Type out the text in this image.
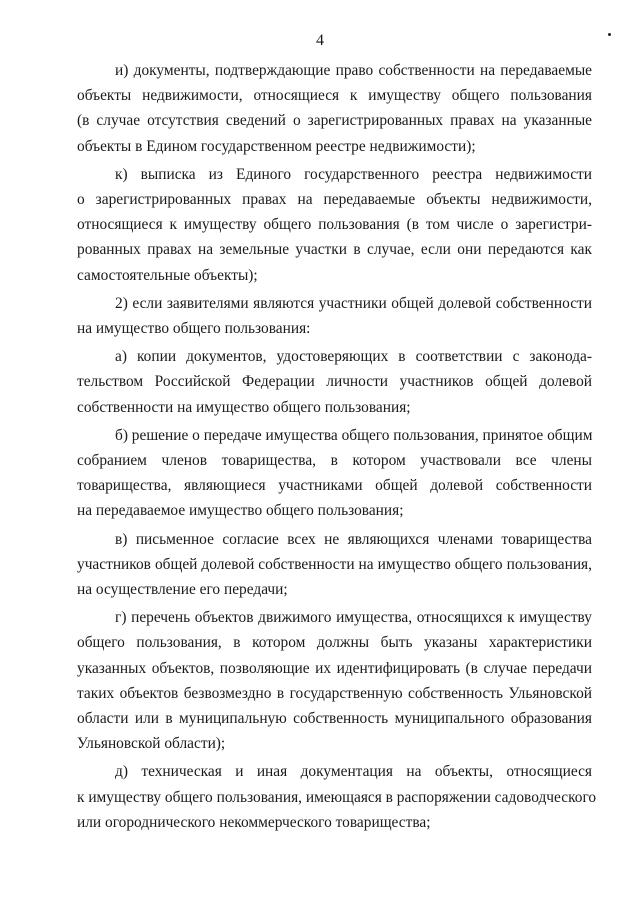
4

и) документы, подтверждающие право собственности на передаваемые
объекты недвижимости, относящиеся к имуществу общего пользования
(в случае отсутствия сведений о зарегистрированных правах на указанные
объекты в Едином государственном реестре недвижимости);

к) выписка из Единого государственного реестра недвижимости
о зарегистрированных правах на передаваемые объекты недвижимости,
относящиеся к имуществу общего пользования (в том числе о зарегистри-
рованных правах на земельные участки в случае, если они передаются как
самостоятельные объекты);

2) если заявителями являются участники общей долевой собственности
на имущество общего пользования:

а) копии документов, удостоверяющих в соответствии с законода-
тельством Российской Федерации личности участников общей долевой
собственности на имущество общего пользования;

б) решение о передаче имущества общего пользования, принятое общим
собранием членов товарищества, в котором участвовали все члены
товарищества, являющиеся участниками общей долевой собственности
на передаваемое имущество общего пользования;

в) письменное согласие всех не являющихся членами товарищества
участников общей долевой собственности на имущество общего пользования,
на осуществление его передачи;

г) перечень объектов движимого имущества, относящихся к имуществу
общего пользования, в котором должны быть указаны характеристики
указанных объектов, позволяющие их идентифицировать (в случае передачи
таких объектов безвозмездно в государственную собственность Ульяновской
области или в муниципальную собственность муниципального образования
Ульяновской области);

д) техническая и иная документация на объекты, относящиеся
к имуществу общего пользования, имеющаяся в распоряжении садоводческого
или огороднического некоммерческого товарищества;
